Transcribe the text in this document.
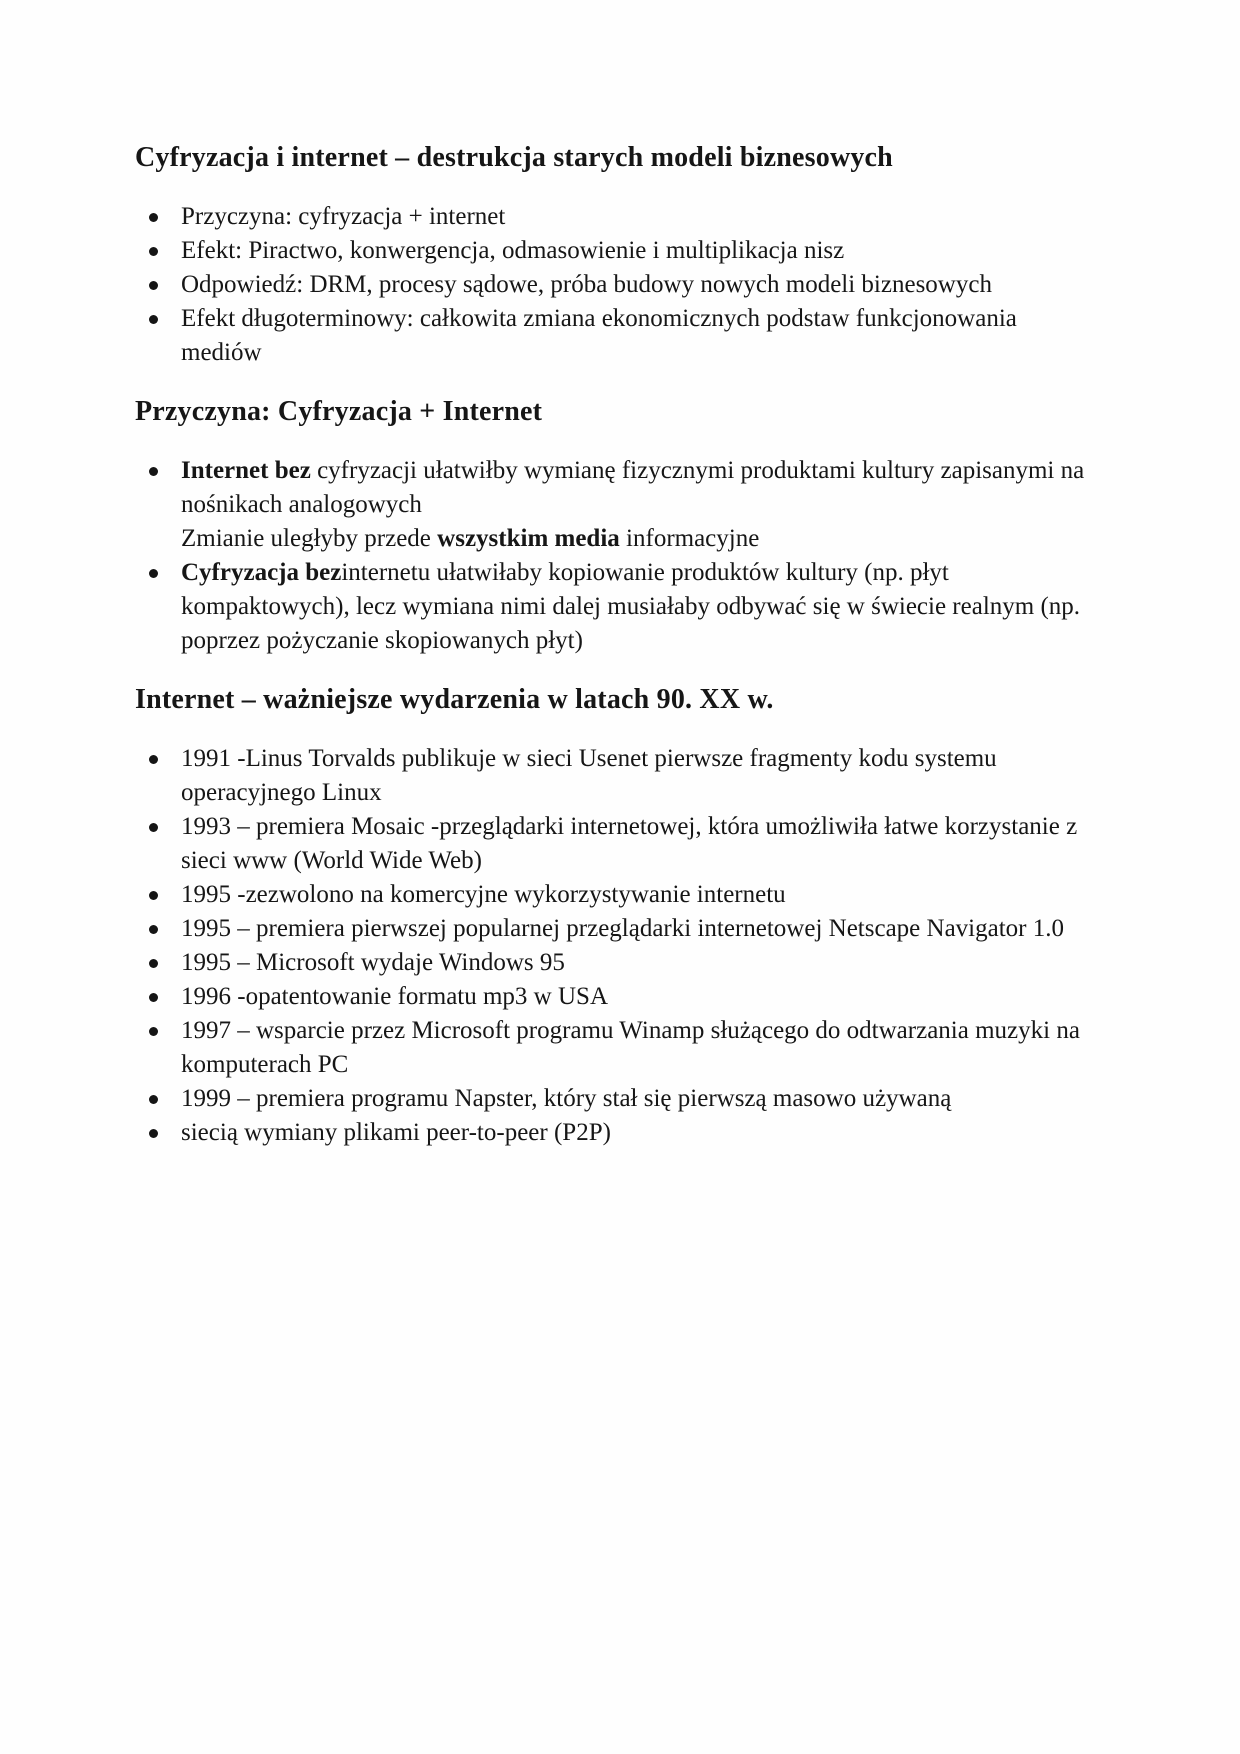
Cyfryzacja i internet – destrukcja starych modeli biznesowych
Przyczyna: cyfryzacja + internet
Efekt: Piractwo, konwergencja, odmasowienie i multiplikacja nisz
Odpowiedź: DRM, procesy sądowe, próba budowy nowych modeli biznesowych
Efekt długoterminowy: całkowita zmiana ekonomicznych podstaw funkcjonowania
mediów
Przyczyna: Cyfryzacja + Internet
Internet bez cyfryzacji ułatwiłby wymianę fizycznymi produktami kultury zapisanymi na
nośnikach analogowych
Zmianie uległyby przede wszystkim media informacyjne
Cyfryzacja bezinternetu ułatwiłaby kopiowanie produktów kultury (np. płyt
kompaktowych), lecz wymiana nimi dalej musiałaby odbywać się w świecie realnym (np.
poprzez pożyczanie skopiowanych płyt)
Internet – ważniejsze wydarzenia w latach 90. XX w.
1991 -Linus Torvalds publikuje w sieci Usenet pierwsze fragmenty kodu systemu
operacyjnego Linux
1993 – premiera Mosaic -przeglądarki internetowej, która umożliwiła łatwe korzystanie z
sieci www (World Wide Web)
1995 -zezwolono na komercyjne wykorzystywanie internetu
1995 – premiera pierwszej popularnej przeglądarki internetowej Netscape Navigator 1.0
1995 – Microsoft wydaje Windows 95
1996 -opatentowanie formatu mp3 w USA
1997 – wsparcie przez Microsoft programu Winamp służącego do odtwarzania muzyki na
komputerach PC
1999 – premiera programu Napster, który stał się pierwszą masowo używaną
siecią wymiany plikami peer-to-peer (P2P)
